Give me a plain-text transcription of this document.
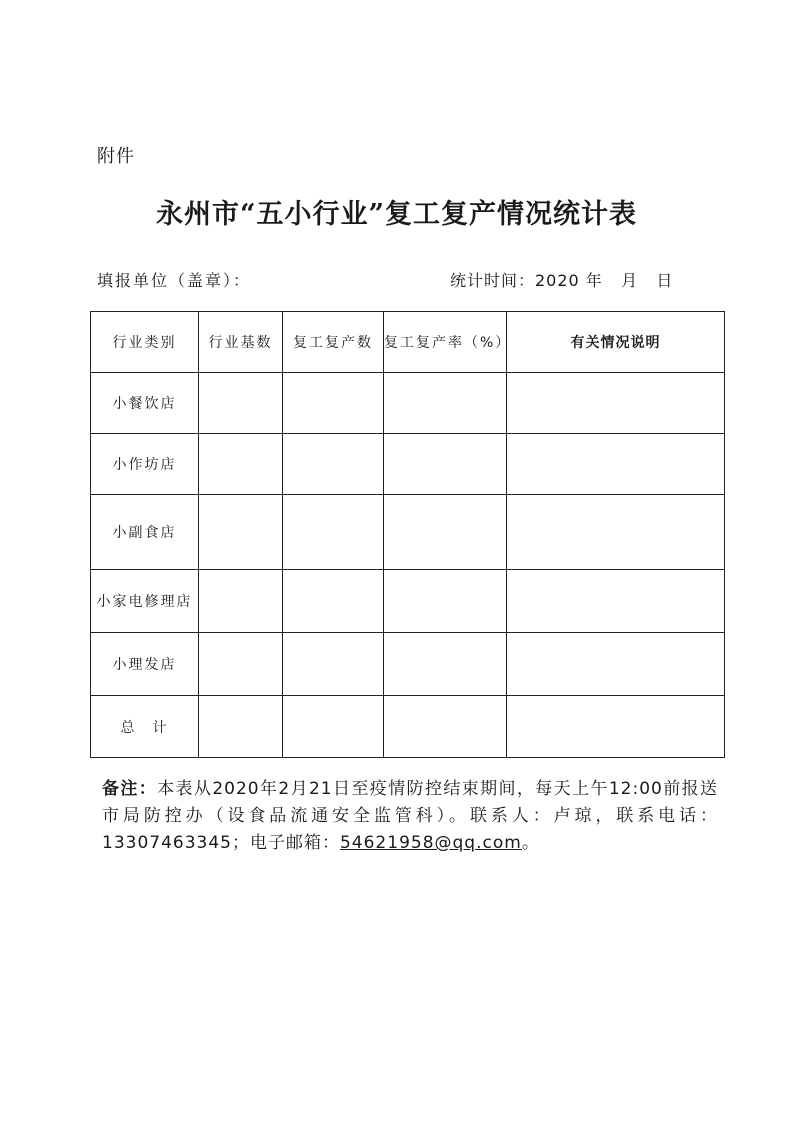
附件
永州市“五小行业”复工复产情况统计表
填报单位（盖章）：	统计时间：2020 年   月   日
行业类别	行业基数	复工复产数	复工复产率（%）	有关情况说明
小餐饮店				
小作坊店				
小副食店				
小家电修理店				
小理发店				
总　计				
备注：本表从2020年2月21日至疫情防控结束期间，每天上午12:00前报送市局防控办（设食品流通安全监管科）。联系人：卢琼，联系电话：13307463345；电子邮箱：54621958@qq.com。
